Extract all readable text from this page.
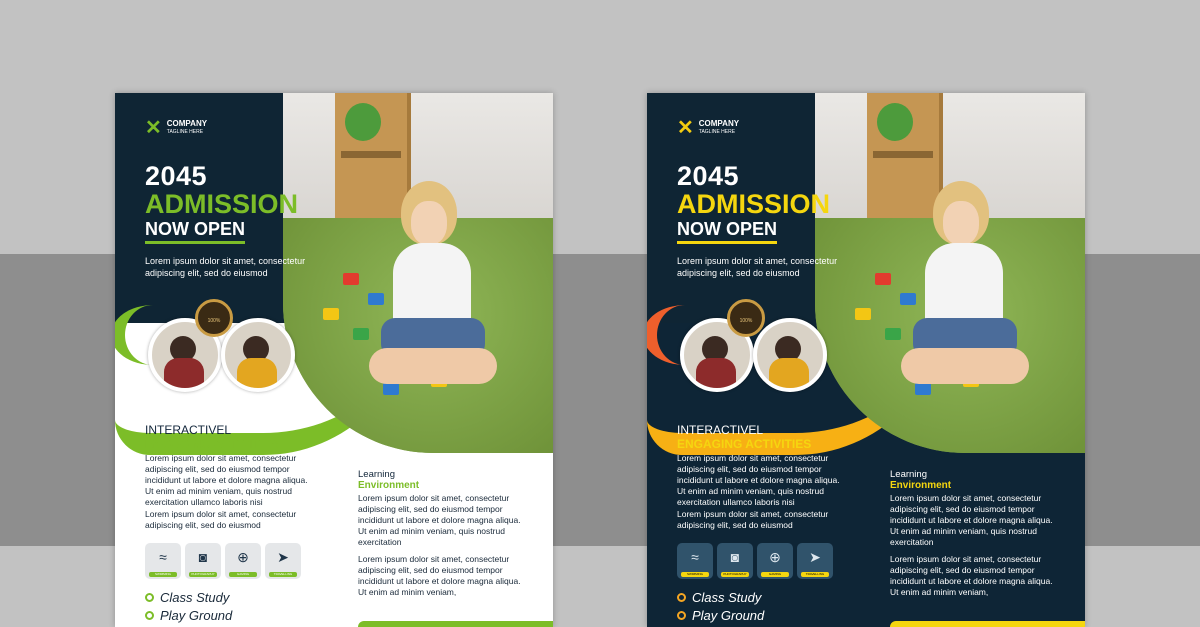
✕ COMPANY
TAGLINE HERE
2045
ADMISSION
NOW OPEN
Lorem ipsum dolor sit amet, consectetur adipiscing elit, sed do eiusmod
100%
INTERACTIVEL
ENGAGING ACTIVITIES
Lorem ipsum dolor sit amet, consectetur adipiscing elit, sed do eiusmod tempor incididunt ut labore et dolore magna aliqua. Ut enim ad minim veniam, quis nostrud exercitation ullamco laboris nisi
Lorem ipsum dolor sit amet, consectetur adipiscing elit, sed do eiusmod
Learning
Environment
Lorem ipsum dolor sit amet, consectetur adipiscing elit, sed do eiusmod tempor incididunt ut labore et dolore magna aliqua. Ut enim ad minim veniam, quis nostrud exercitation
Lorem ipsum dolor sit amet, consectetur adipiscing elit, sed do eiusmod tempor incididunt ut labore et dolore magna aliqua. Ut enim ad minim veniam,
≈
SWIMMING
◙
PHOTOGRAPHY
⊕
GAMING
➤
TRAVELLING
Class Study
Play Ground
✕ COMPANY
TAGLINE HERE
2045
ADMISSION
NOW OPEN
Lorem ipsum dolor sit amet, consectetur adipiscing elit, sed do eiusmod
100%
INTERACTIVEL
ENGAGING ACTIVITIES
Lorem ipsum dolor sit amet, consectetur adipiscing elit, sed do eiusmod tempor incididunt ut labore et dolore magna aliqua. Ut enim ad minim veniam, quis nostrud exercitation ullamco laboris nisi
Lorem ipsum dolor sit amet, consectetur adipiscing elit, sed do eiusmod
Learning
Environment
Lorem ipsum dolor sit amet, consectetur adipiscing elit, sed do eiusmod tempor incididunt ut labore et dolore magna aliqua. Ut enim ad minim veniam, quis nostrud exercitation
Lorem ipsum dolor sit amet, consectetur adipiscing elit, sed do eiusmod tempor incididunt ut labore et dolore magna aliqua. Ut enim ad minim veniam,
≈
SWIMMING
◙
PHOTOGRAPHY
⊕
GAMING
➤
TRAVELLING
Class Study
Play Ground
